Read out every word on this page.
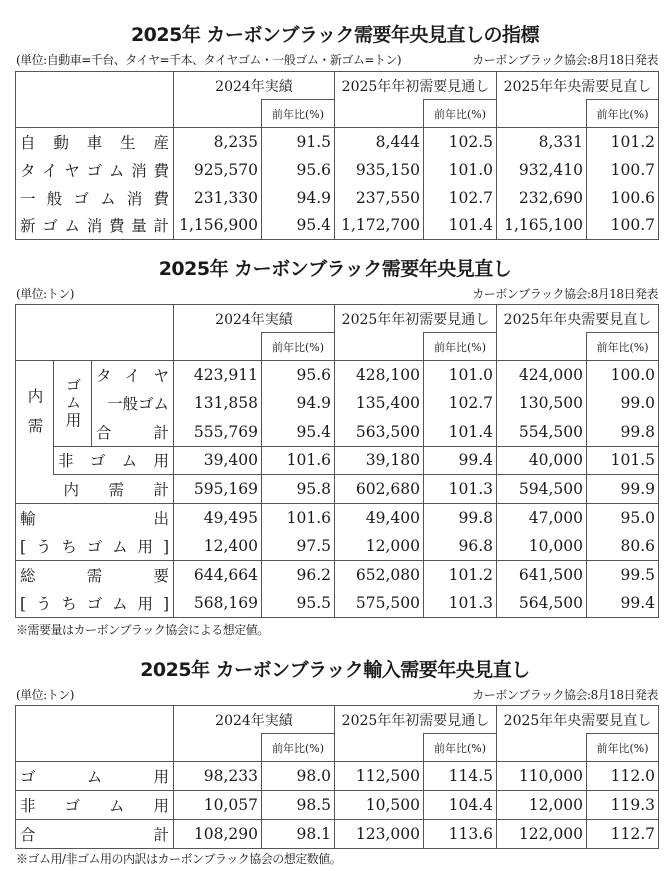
2025年 カーボンブラック需要年央見直しの指標
(単位:自動車=千台、タイヤ=千本、タイヤゴム・一般ゴム・新ゴム=トン)	カーボンブラック協会:8月18日発表
	2024年実績		2025年年初需要見通し		2025年年央需要見直し	
		前年比(%)		前年比(%)		前年比(%)
自動車生産	8,235	91.5	8,444	102.5	8,331	101.2
タイヤゴム消費	925,570	95.6	935,150	101.0	932,410	100.7
一般ゴム消費	231,330	94.9	237,550	102.7	232,690	100.6
新ゴム消費量計	1,156,900	95.4	1,172,700	101.4	1,165,100	100.7
2025年 カーボンブラック需要年央見直し
(単位:トン)	カーボンブラック協会:8月18日発表
			2024年実績		2025年年初需要見通し		2025年年央需要見直し	
				前年比(%)		前年比(%)		前年比(%)

内需	ゴム用	タイヤ	423,911	95.6	428,100	101.0	424,000	100.0
		一般ゴム	131,858	94.9	135,400	102.7	130,500	99.0
		合計	555,769	95.4	563,500	101.4	554,500	99.8
	非ゴム用		39,400	101.6	39,180	99.4	40,000	101.5
	内需計		595,169	95.8	602,680	101.3	594,500	99.9
輸出			49,495	101.6	49,400	99.8	47,000	95.0
[うちゴム用]			12,400	97.5	12,000	96.8	10,000	80.6
総需要			644,664	96.2	652,080	101.2	641,500	99.5
[うちゴム用]			568,169	95.5	575,500	101.3	564,500	99.4
※需要量はカーボンブラック協会による想定値。
2025年 カーボンブラック輸入需要年央見直し
(単位:トン)	カーボンブラック協会:8月18日発表
	2024年実績		2025年年初需要見通し		2025年年央需要見直し	
		前年比(%)		前年比(%)		前年比(%)
ゴム用	98,233	98.0	112,500	114.5	110,000	112.0
非ゴム用	10,057	98.5	10,500	104.4	12,000	119.3
合計	108,290	98.1	123,000	113.6	122,000	112.7
※ゴム用/非ゴム用の内訳はカーボンブラック協会の想定数値。
